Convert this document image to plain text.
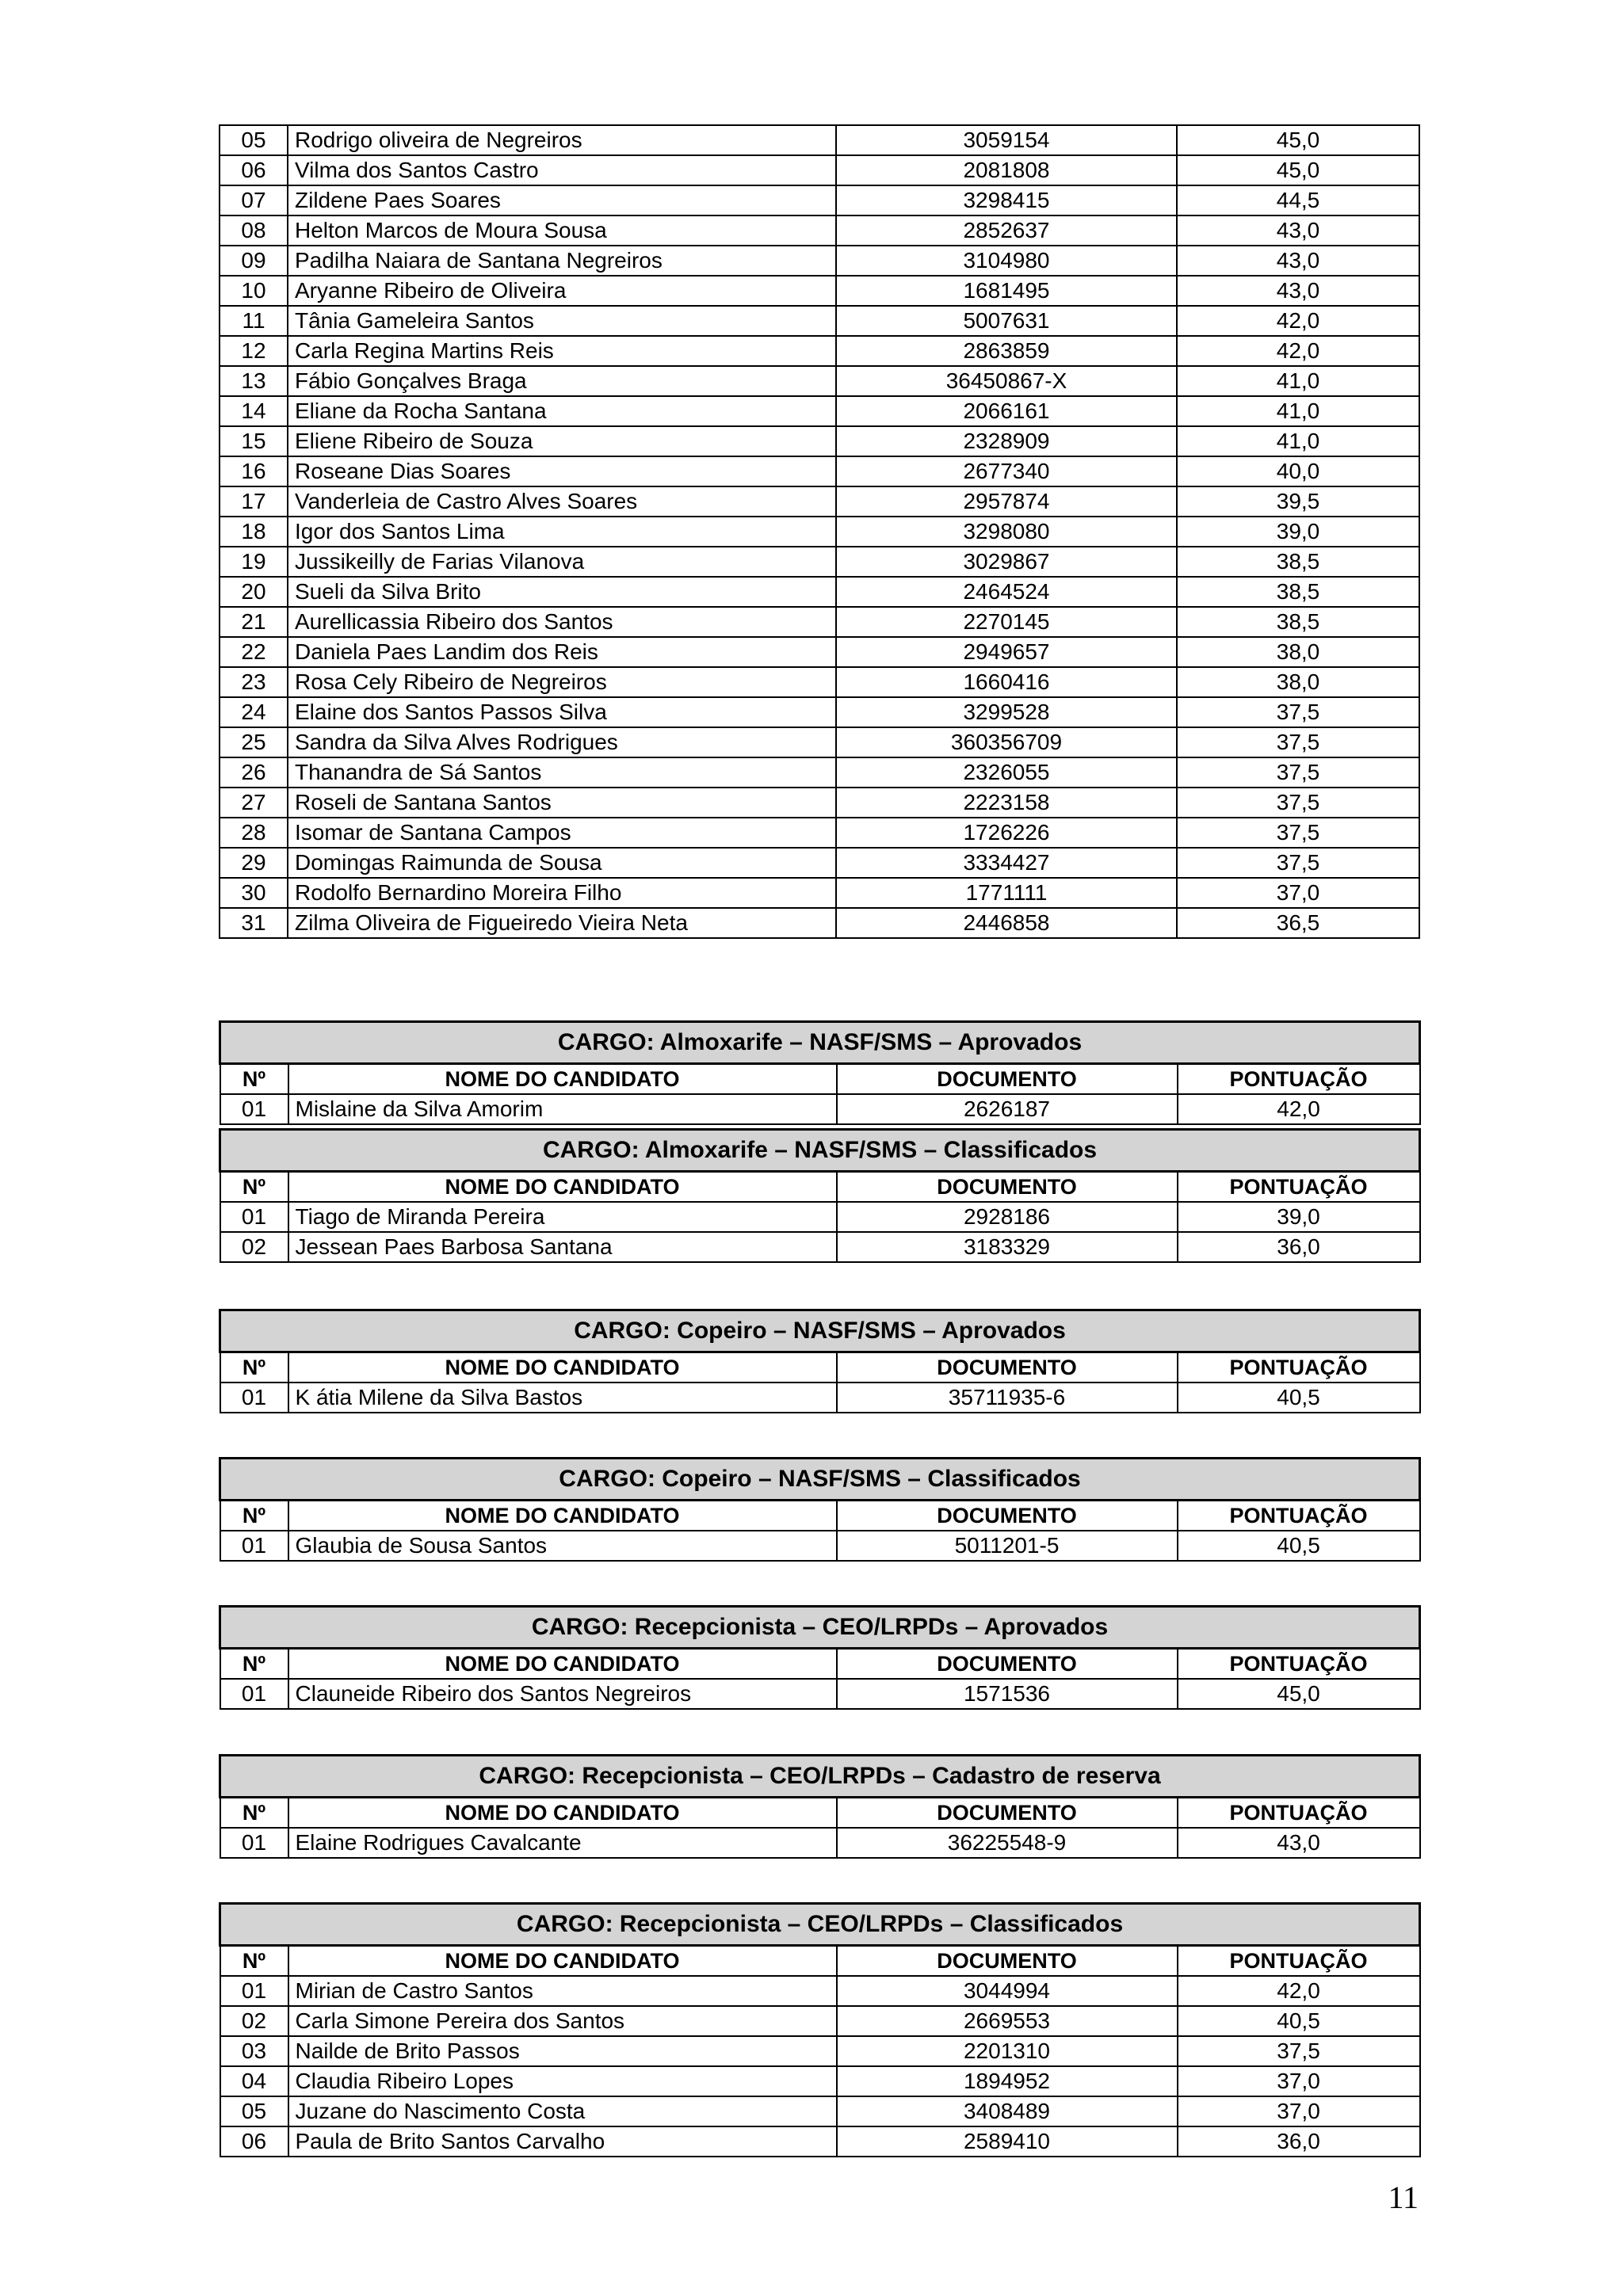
05	Rodrigo oliveira de Negreiros	3059154	45,0
06	Vilma dos Santos Castro	2081808	45,0
07	Zildene Paes Soares	3298415	44,5
08	Helton Marcos de Moura Sousa	2852637	43,0
09	Padilha Naiara de Santana Negreiros	3104980	43,0
10	Aryanne Ribeiro de Oliveira	1681495	43,0
11	Tânia Gameleira Santos	5007631	42,0
12	Carla Regina Martins Reis	2863859	42,0
13	Fábio Gonçalves Braga	36450867-X	41,0
14	Eliane da Rocha Santana	2066161	41,0
15	Eliene Ribeiro de Souza	2328909	41,0
16	Roseane Dias Soares	2677340	40,0
17	Vanderleia de Castro Alves Soares	2957874	39,5
18	Igor dos Santos Lima	3298080	39,0
19	Jussikeilly de Farias Vilanova	3029867	38,5
20	Sueli da Silva Brito	2464524	38,5
21	Aurellicassia Ribeiro dos Santos	2270145	38,5
22	Daniela Paes Landim dos Reis	2949657	38,0
23	Rosa Cely Ribeiro de Negreiros	1660416	38,0
24	Elaine dos Santos Passos Silva	3299528	37,5
25	Sandra da Silva Alves Rodrigues	360356709	37,5
26	Thanandra de Sá Santos	2326055	37,5
27	Roseli de Santana Santos	2223158	37,5
28	Isomar de Santana Campos	1726226	37,5
29	Domingas Raimunda de Sousa	3334427	37,5
30	Rodolfo Bernardino Moreira Filho	1771111	37,0
31	Zilma Oliveira de Figueiredo Vieira Neta	2446858	36,5
CARGO: Almoxarife – NASF/SMS – Aprovados			
Nº	NOME DO CANDIDATO	DOCUMENTO	PONTUAÇÃO
01	Mislaine da Silva Amorim	2626187	42,0
CARGO: Almoxarife – NASF/SMS – Classificados			
Nº	NOME DO CANDIDATO	DOCUMENTO	PONTUAÇÃO
01	Tiago de Miranda Pereira	2928186	39,0
02	Jessean Paes Barbosa Santana	3183329	36,0
CARGO: Copeiro – NASF/SMS – Aprovados			
Nº	NOME DO CANDIDATO	DOCUMENTO	PONTUAÇÃO
01	K átia Milene da Silva Bastos	35711935-6	40,5
CARGO: Copeiro – NASF/SMS – Classificados			
Nº	NOME DO CANDIDATO	DOCUMENTO	PONTUAÇÃO
01	Glaubia de Sousa Santos	5011201-5	40,5
CARGO: Recepcionista – CEO/LRPDs – Aprovados			
Nº	NOME DO CANDIDATO	DOCUMENTO	PONTUAÇÃO
01	Clauneide Ribeiro dos Santos Negreiros	1571536	45,0
CARGO: Recepcionista – CEO/LRPDs – Cadastro de reserva			
Nº	NOME DO CANDIDATO	DOCUMENTO	PONTUAÇÃO
01	Elaine Rodrigues Cavalcante	36225548-9	43,0
CARGO: Recepcionista – CEO/LRPDs – Classificados			
Nº	NOME DO CANDIDATO	DOCUMENTO	PONTUAÇÃO
01	Mirian de Castro Santos	3044994	42,0
02	Carla Simone Pereira dos Santos	2669553	40,5
03	Nailde de Brito Passos	2201310	37,5
04	Claudia Ribeiro Lopes	1894952	37,0
05	Juzane do Nascimento Costa	3408489	37,0
06	Paula de Brito Santos Carvalho	2589410	36,0
11
